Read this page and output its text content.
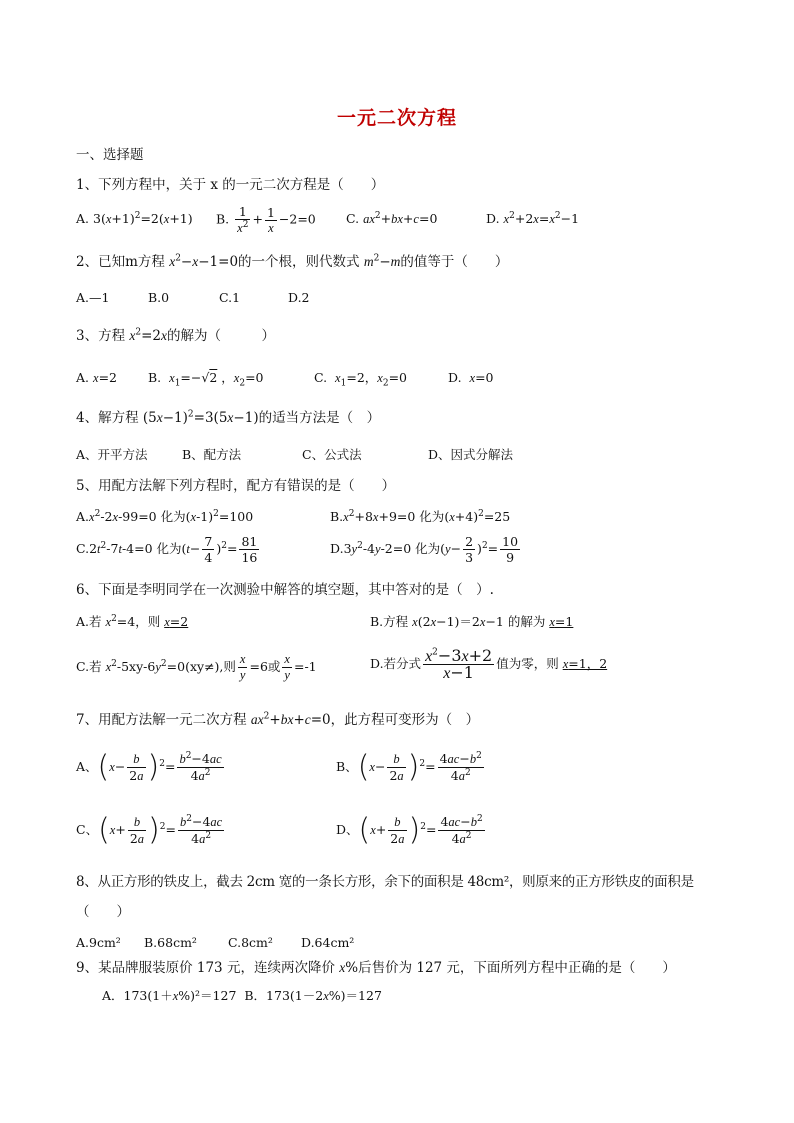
一元二次方程
一、选择题
1、下列方程中，关于 x 的一元二次方程是（　　）
A. $3(x+1)^2=2(x+1)$ B. $\frac{1}{x^2} + \frac{1}{x} -2=0$ C. $ax^2+bx+c=0$	D. $x^2+2x=x^2-1$
2、已知m方程 $x^2-x-1=0$的一个根，则代数式 $m^2-m$的值等于（　　）
A.—1	B.0	C.1	D.2
3、方程 $x^2=2x$的解为（　　　）
A. x=2 B. $x_1=-√2$ ，$x_2=0$	C. $x_1=2$，$x_2=0$	D. x=0
4、解方程 $(5x-1)^2=3(5x-1)$的适当方法是（　）
A、开平方法	B、配方法	C、公式法	D、因式分解法
5、用配方法解下列方程时，配方有错误的是（　　）
$A.x^2-2x-99=0$ 化为$(x-1)^2=100$	$B.x^2+8x+9=0$ 化为$(x+4)^2=25$
$C.2t^2-7t-4=0$ 化为$(t- \frac{7}{4} )^2= \frac{81}{16}$	$D.3y^2-4y-2=0$ 化为$(y- \frac{2}{3} )^2= \frac{10}{9}$
6、下面是李明同学在一次测验中解答的填空题，其中答对的是（　）.
A.若 $x^2=4$，则 x=2	B.方程 x(2x−1)＝2x−1 的解为 x=1
C.若 $x^2-5xy-6y^2=0(xy\ne)$,则 $\frac{x}{y} =6$或 $\frac{x}{y} =-1$	D.若分式 $\frac{x^2-3x+2}{x-1}$ 值为零，则 x=1，2
7、用配方法解一元二次方程 $ax^2+bx+c=0$，此方程可变形为（　）
A、$(x- \frac{b}{2a} )^2= \frac{b^2-4ac}{4a^2}$	B、$(x- \frac{b}{2a} )^2= \frac{4ac-b^2}{4a^2}$
C、$(x+ \frac{b}{2a} )^2= \frac{b^2-4ac}{4a^2}$	D、$(x+ \frac{b}{2a} )^2= \frac{4ac-b^2}{4a^2}$
8、从正方形的铁皮上，截去 2cm 宽的一条长方形，余下的面积是 48cm²，则原来的正方形铁皮的面积是
（　　）
A.9cm² B.68cm² C.8cm² D.64cm²
9、某品牌服装原价 173 元，连续两次降价 x%后售价为 127 元，下面所列方程中正确的是（　　）
A．173(1＋x%)²＝127 B．173(1－2x%)＝127
